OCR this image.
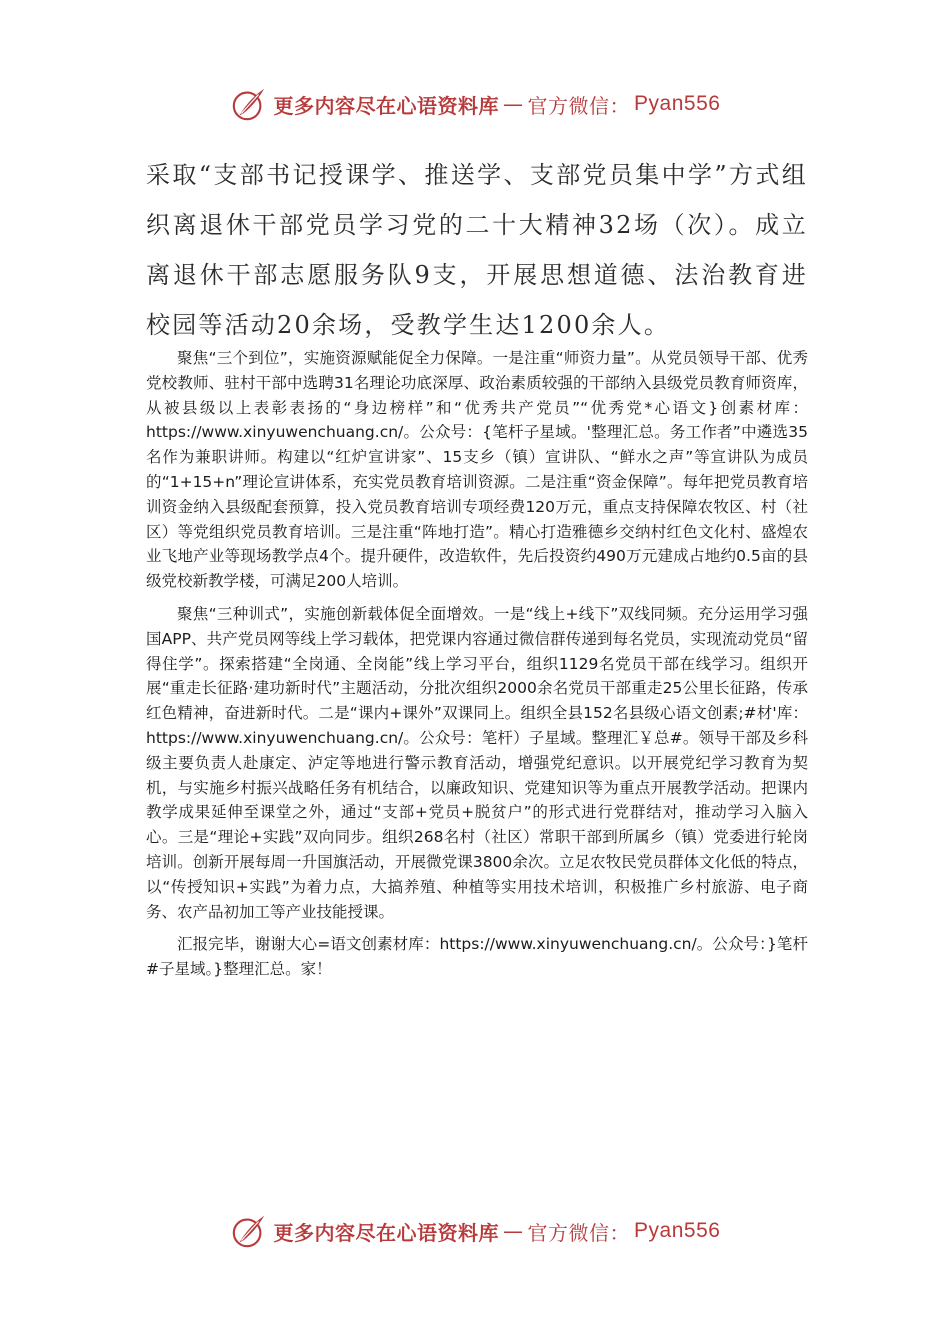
更多内容尽在心语资料库 — 官方微信： Pyan556

采取“支部书记授课学、推送学、支部党员集中学”方式组织离退休干部党员学习党的二十大精神32场（次）。成立离退休干部志愿服务队9支，开展思想道德、法治教育进校园等活动20余场，受教学生达1200余人。

聚焦“三个到位”，实施资源赋能促全力保障。一是注重“师资力量”。从党员领导干部、优秀党校教师、驻村干部中选聘31名理论功底深厚、政治素质较强的干部纳入县级党员教育师资库，从被县级以上表彰表扬的“身边榜样”和“优秀共产党员”“优秀党*心语文}创素材库：https://www.xinyuwenchuang.cn/。公众号：{笔杆子星域。'整理汇总。务工作者”中遴选35名作为兼职讲师。构建以“红炉宣讲家”、15支乡（镇）宣讲队、“鲜水之声”等宣讲队为成员的“1+15+n”理论宣讲体系，充实党员教育培训资源。二是注重“资金保障”。每年把党员教育培训资金纳入县级配套预算，投入党员教育培训专项经费120万元，重点支持保障农牧区、村（社区）等党组织党员教育培训。三是注重“阵地打造”。精心打造雅德乡交纳村红色文化村、盛煌农业飞地产业等现场教学点4个。提升硬件，改造软件，先后投资约490万元建成占地约0.5亩的县级党校新教学楼，可满足200人培训。

聚焦“三种训式”，实施创新载体促全面增效。一是“线上+线下”双线同频。充分运用学习强国APP、共产党员网等线上学习载体，把党课内容通过微信群传递到每名党员，实现流动党员“留得住学”。探索搭建“全岗通、全岗能”线上学习平台，组织1129名党员干部在线学习。组织开展“重走长征路·建功新时代”主题活动，分批次组织2000余名党员干部重走25公里长征路，传承红色精神，奋进新时代。二是“课内+课外”双课同上。组织全县152名县级心语文创素;#材'库：https://www.xinyuwenchuang.cn/。公众号：笔杆）子星域。整理汇￥总#。领导干部及乡科级主要负责人赴康定、泸定等地进行警示教育活动，增强党纪意识。以开展党纪学习教育为契机，与实施乡村振兴战略任务有机结合，以廉政知识、党建知识等为重点开展教学活动。把课内教学成果延伸至课堂之外，通过“支部+党员+脱贫户”的形式进行党群结对，推动学习入脑入心。三是“理论+实践”双向同步。组织268名村（社区）常职干部到所属乡（镇）党委进行轮岗培训。创新开展每周一升国旗活动，开展微党课3800余次。立足农牧民党员群体文化低的特点，以“传授知识+实践”为着力点，大搞养殖、种植等实用技术培训，积极推广乡村旅游、电子商务、农产品初加工等产业技能授课。

汇报完毕，谢谢大心=语文创素材库：https://www.xinyuwenchuang.cn/。公众号：}笔杆#子星域。}整理汇总。家！

更多内容尽在心语资料库 — 官方微信： Pyan556
